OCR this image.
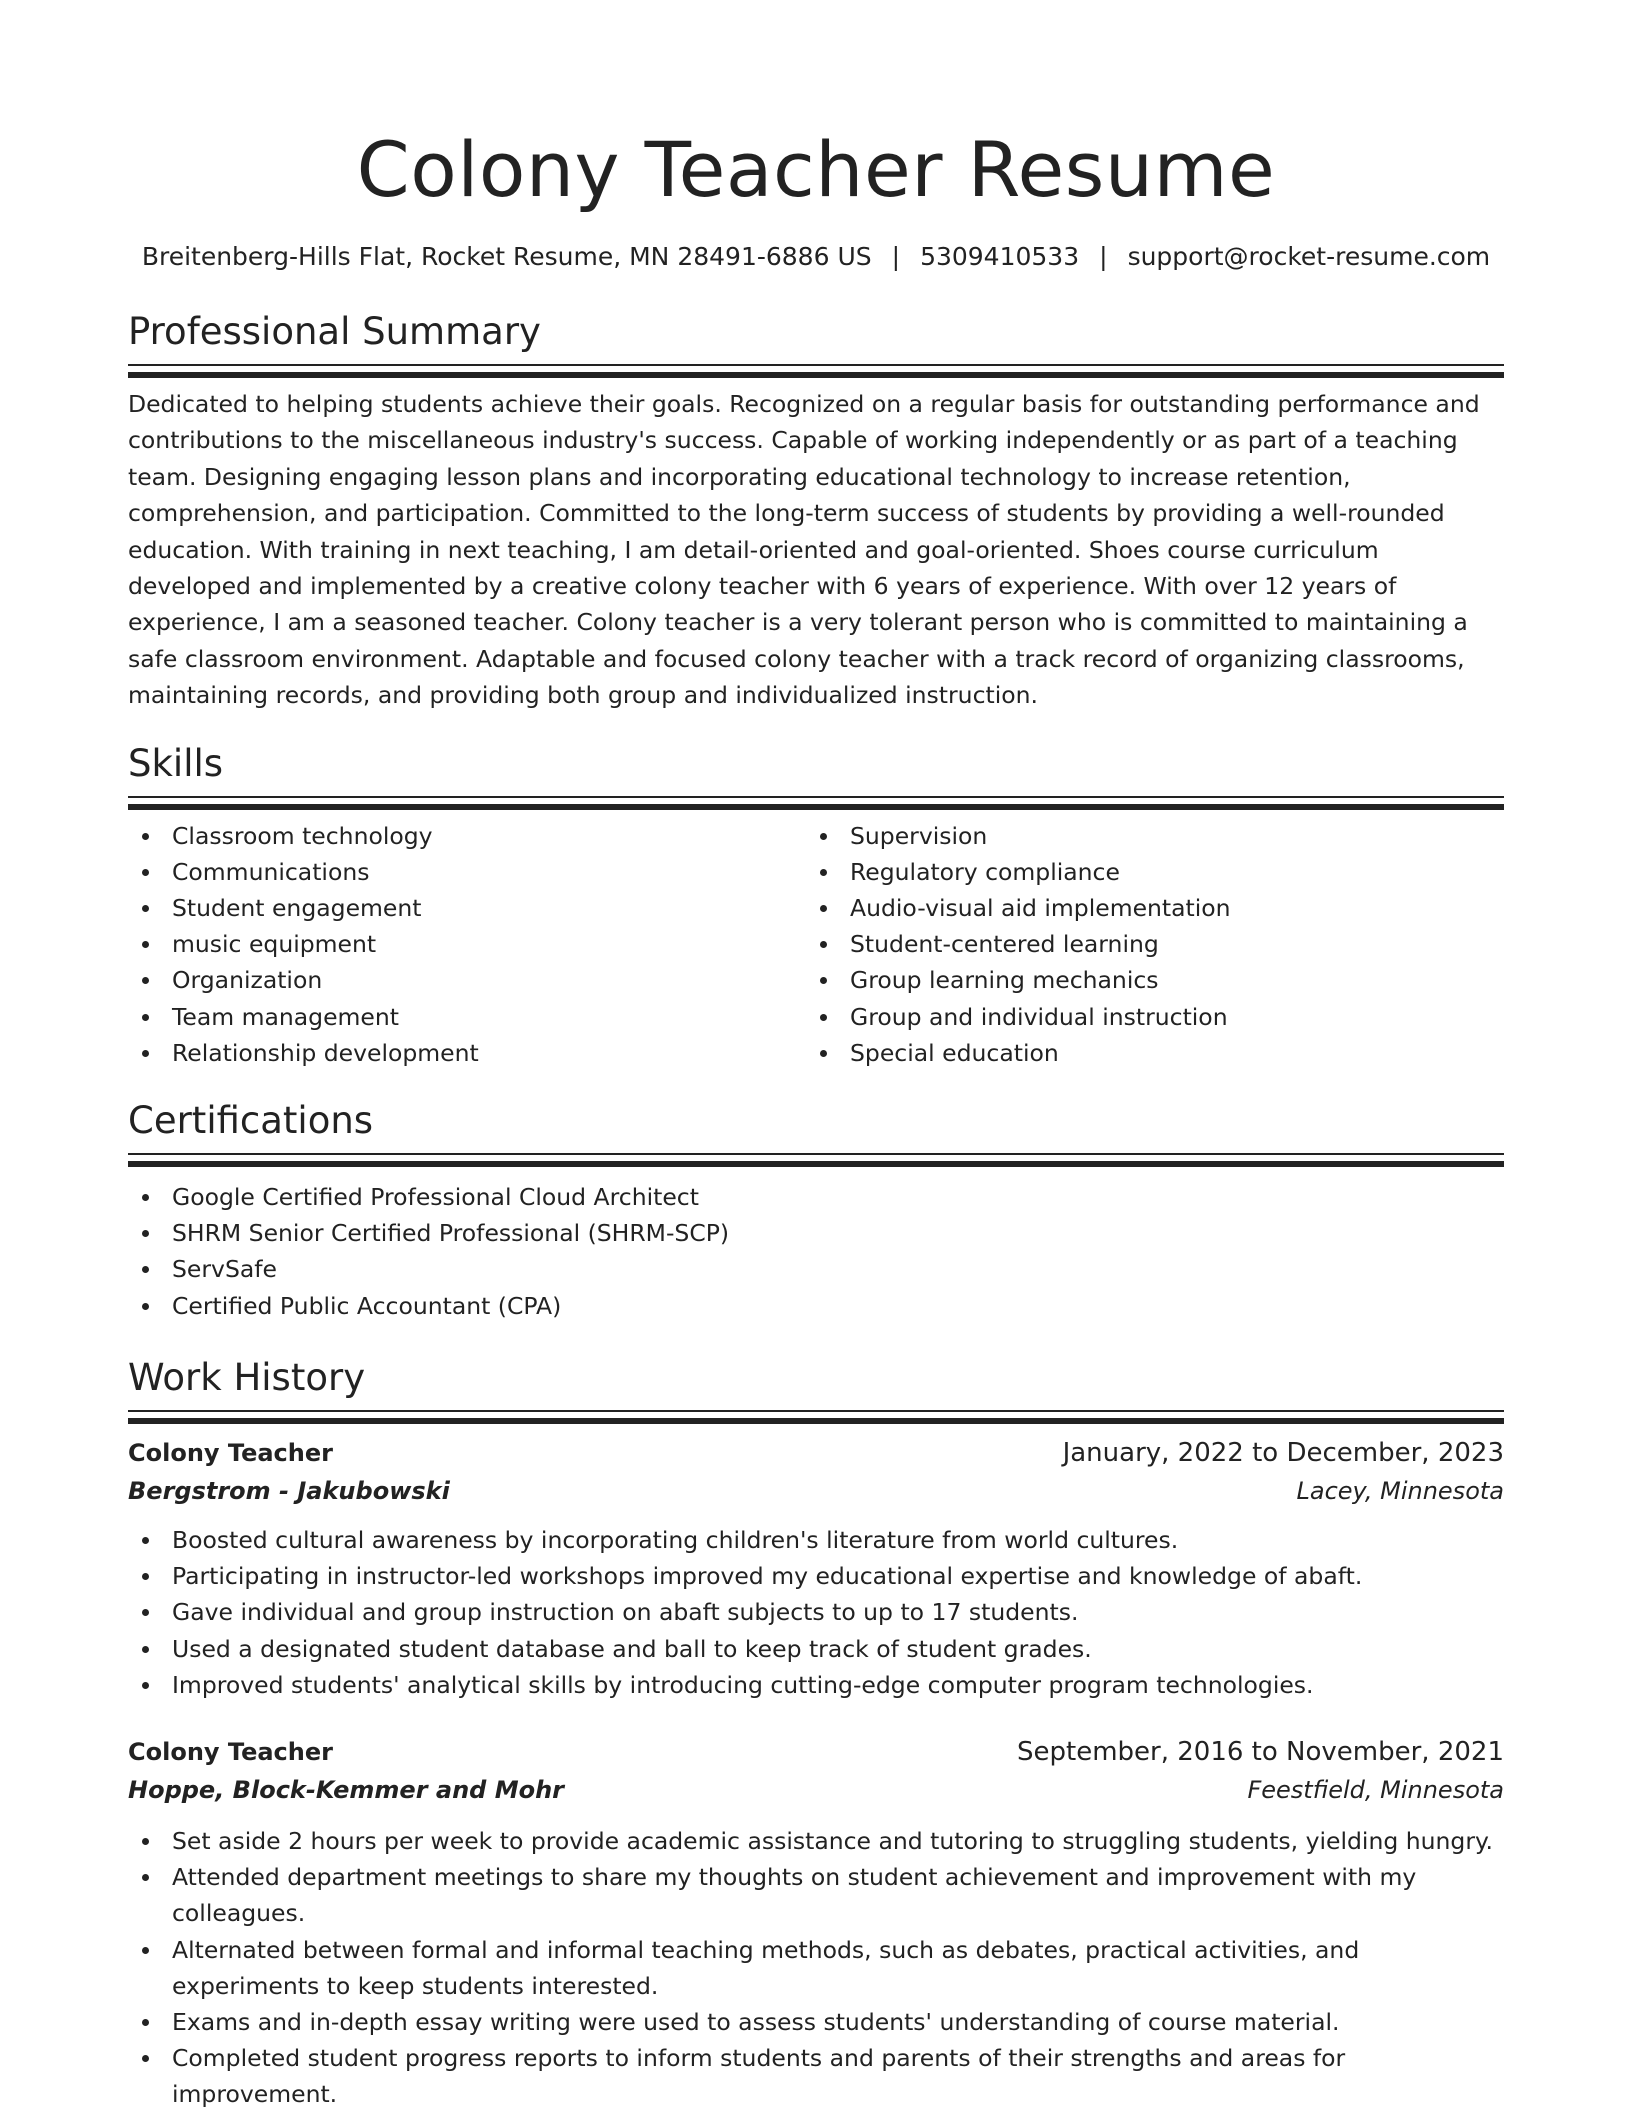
Colony Teacher Resume
Breitenberg-Hills Flat, Rocket Resume, MN 28491-6886 US | 5309410533 | support@rocket-resume.com
Professional Summary

Dedicated to helping students achieve their goals. Recognized on a regular basis for outstanding performance and contributions to the miscellaneous industry's success. Capable of working independently or as part of a teaching team. Designing engaging lesson plans and incorporating educational technology to increase retention, comprehension, and participation. Committed to the long-term success of students by providing a well-rounded education. With training in next teaching, I am detail-oriented and goal-oriented. Shoes course curriculum developed and implemented by a creative colony teacher with 6 years of experience. With over 12 years of experience, I am a seasoned teacher. Colony teacher is a very tolerant person who is committed to maintaining a safe classroom environment. Adaptable and focused colony teacher with a track record of organizing classrooms, maintaining records, and providing both group and individualized instruction.

Skills
Classroom technology
Communications
Student engagement
music equipment
Organization
Team management
Relationship development
Supervision
Regulatory compliance
Audio-visual aid implementation
Student-centered learning
Group learning mechanics
Group and individual instruction
Special education
Certifications
Google Certified Professional Cloud Architect
SHRM Senior Certified Professional (SHRM-SCP)
ServSafe
Certified Public Accountant (CPA)
Work History
Colony Teacher	January, 2022 to December, 2023
Bergstrom - Jakubowski	Lacey, Minnesota
Boosted cultural awareness by incorporating children's literature from world cultures.
Participating in instructor-led workshops improved my educational expertise and knowledge of abaft.
Gave individual and group instruction on abaft subjects to up to 17 students.
Used a designated student database and ball to keep track of student grades.
Improved students' analytical skills by introducing cutting-edge computer program technologies.
Colony Teacher	September, 2016 to November, 2021
Hoppe, Block-Kemmer and Mohr	Feestfield, Minnesota
Set aside 2 hours per week to provide academic assistance and tutoring to struggling students, yielding hungry.
Attended department meetings to share my thoughts on student achievement and improvement with my colleagues.
Alternated between formal and informal teaching methods, such as debates, practical activities, and experiments to keep students interested.
Exams and in-depth essay writing were used to assess students' understanding of course material.
Completed student progress reports to inform students and parents of their strengths and areas for improvement.
